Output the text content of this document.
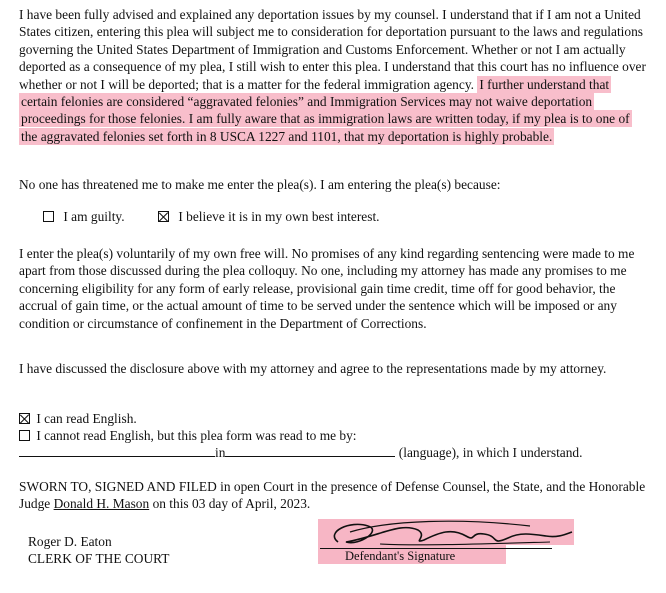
I have been fully advised and explained any deportation issues by my counsel. I understand that if I am not a United States citizen, entering this plea will subject me to consideration for deportation pursuant to the laws and regulations governing the United States Department of Immigration and Customs Enforcement. Whether or not I am actually deported as a consequence of my plea, I still wish to enter this plea. I understand that this court has no influence over whether or not I will be deported; that is a matter for the federal immigration agency. I further understand that certain felonies are considered “aggravated felonies” and Immigration Services may not waive deportation proceedings for those felonies. I am fully aware that as immigration laws are written today, if my plea is to one of the aggravated felonies set forth in 8 USCA 1227 and 1101, that my deportation is highly probable.

No one has threatened me to make me enter the plea(s). I am entering the plea(s) because:

I am guilty.	I believe it is in my own best interest.

I enter the plea(s) voluntarily of my own free will. No promises of any kind regarding sentencing were made to me apart from those discussed during the plea colloquy. No one, including my attorney has made any promises to me concerning eligibility for any form of early release, provisional gain time credit, time off for good behavior, the accrual of gain time, or the actual amount of time to be served under the sentence which will be imposed or any condition or circumstance of confinement in the Department of Corrections.

I have discussed the disclosure above with my attorney and agree to the representations made by my attorney.

I can read English.
I cannot read English, but this plea form was read to me by:
in	(language), in which I understand.

SWORN TO, SIGNED AND FILED in open Court in the presence of Defense Counsel, the State, and the Honorable Judge Donald H. Mason on this 03 day of April, 2023.

Roger D. Eaton
CLERK OF THE COURT	Defendant's Signature
